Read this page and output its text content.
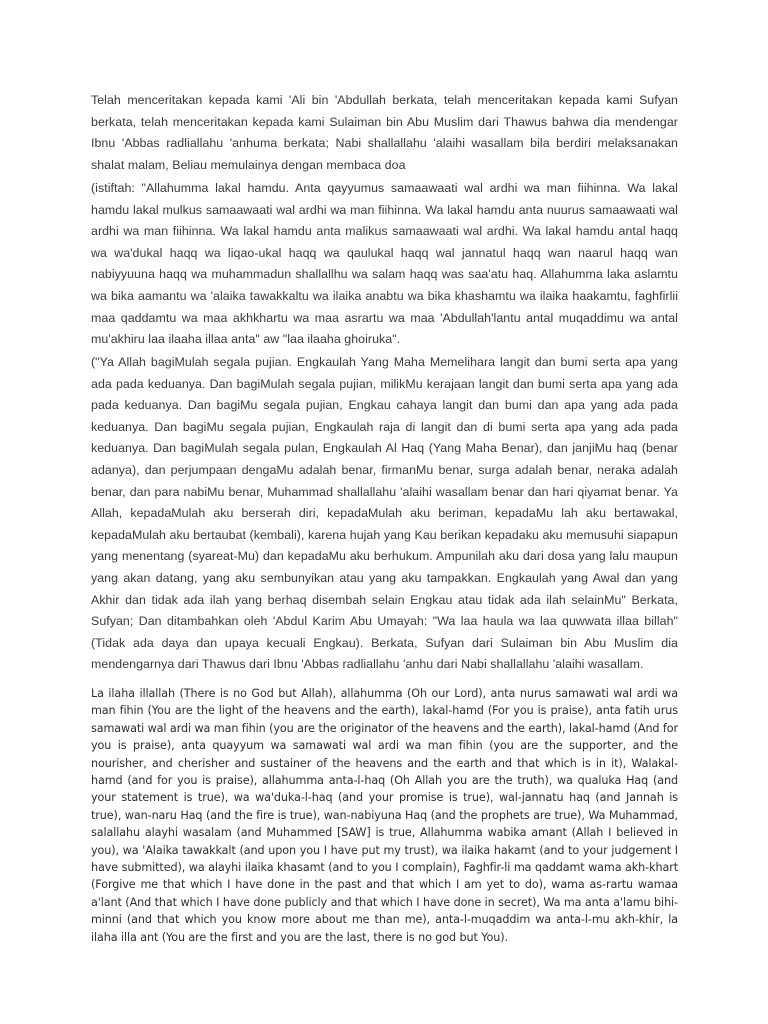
Telah menceritakan kepada kami 'Ali bin 'Abdullah berkata, telah menceritakan kepada kami Sufyan berkata, telah menceritakan kepada kami Sulaiman bin Abu Muslim dari Thawus bahwa dia mendengar Ibnu 'Abbas radliallahu 'anhuma berkata; Nabi shallallahu 'alaihi wasallam bila berdiri melaksanakan shalat malam, Beliau memulainya dengan membaca doa

(istiftah: "Allahumma lakal hamdu. Anta qayyumus samaawaati wal ardhi wa man fiihinna. Wa lakal hamdu lakal mulkus samaawaati wal ardhi wa man fiihinna. Wa lakal hamdu anta nuurus samaawaati wal ardhi wa man fiihinna. Wa lakal hamdu anta malikus samaawaati wal ardhi. Wa lakal hamdu antal haqq wa wa'dukal haqq wa liqao-ukal haqq wa qaulukal haqq wal jannatul haqq wan naarul haqq wan nabiyyuuna haqq wa muhammadun shallallhu wa salam haqq was saa'atu haq. Allahumma laka aslamtu wa bika aamantu wa 'alaika tawakkaltu wa ilaika anabtu wa bika khashamtu wa ilaika haakamtu, faghfirlii maa qaddamtu wa maa akhkhartu wa maa asrartu wa maa 'Abdullah'lantu antal muqaddimu wa antal mu'akhiru laa ilaaha illaa anta" aw "laa ilaaha ghoiruka".

("Ya Allah bagiMulah segala pujian. Engkaulah Yang Maha Memelihara langit dan bumi serta apa yang ada pada keduanya. Dan bagiMulah segala pujian, milikMu kerajaan langit dan bumi serta apa yang ada pada keduanya. Dan bagiMu segala pujian, Engkau cahaya langit dan bumi dan apa yang ada pada keduanya. Dan bagiMu segala pujian, Engkaulah raja di langit dan di bumi serta apa yang ada pada keduanya. Dan bagiMulah segala pulan, Engkaulah Al Haq (Yang Maha Benar), dan janjiMu haq (benar adanya), dan perjumpaan dengaMu adalah benar, firmanMu benar, surga adalah benar, neraka adalah benar, dan para nabiMu benar, Muhammad shallallahu 'alaihi wasallam benar dan hari qiyamat benar. Ya Allah, kepadaMulah aku berserah diri, kepadaMulah aku beriman, kepadaMu lah aku bertawakal, kepadaMulah aku bertaubat (kembali), karena hujah yang Kau berikan kepadaku aku memusuhi siapapun yang menentang (syareat-Mu) dan kepadaMu aku berhukum. Ampunilah aku dari dosa yang lalu maupun yang akan datang, yang aku sembunyikan atau yang aku tampakkan. Engkaulah yang Awal dan yang Akhir dan tidak ada ilah yang berhaq disembah selain Engkau atau tidak ada ilah selainMu" Berkata, Sufyan; Dan ditambahkan oleh 'Abdul Karim Abu Umayah: "Wa laa haula wa laa quwwata illaa billah" (Tidak ada daya dan upaya kecuali Engkau). Berkata, Sufyan dari Sulaiman bin Abu Muslim dia mendengarnya dari Thawus dari Ibnu 'Abbas radliallahu 'anhu dari Nabi shallallahu 'alaihi wasallam.

La ilaha illallah (There is no God but Allah), allahumma (Oh our Lord), anta nurus samawati wal ardi wa man fihin (You are the light of the heavens and the earth), lakal-hamd (For you is praise), anta fatih urus samawati wal ardi wa man fihin (you are the originator of the heavens and the earth), lakal-hamd (And for you is praise), anta quayyum wa samawati wal ardi wa man fihin (you are the supporter, and the nourisher, and cherisher and sustainer of the heavens and the earth and that which is in it), Walakal-hamd (and for you is praise), allahumma anta-l-haq (Oh Allah you are the truth), wa qualuka Haq (and your statement is true), wa wa'duka-l-haq (and your promise is true), wal-jannatu haq (and Jannah is true), wan-naru Haq (and the fire is true), wan-nabiyuna Haq (and the prophets are true), Wa Muhammad, salallahu alayhi wasalam (and Muhammed [SAW] is true, Allahumma wabika amant (Allah I believed in you), wa 'Alaika tawakkalt (and upon you I have put my trust), wa ilaika hakamt (and to your judgement I have submitted), wa alayhi ilaika khasamt (and to you I complain), Faghfir-li ma qaddamt wama akh-khart (Forgive me that which I have done in the past and that which I am yet to do), wama as-rartu wamaa a'lant (And that which I have done publicly and that which I have done in secret), Wa ma anta a'lamu bihi-minni (and that which you know more about me than me), anta-l-muqaddim wa anta-l-mu akh-khir, la ilaha illa ant (You are the first and you are the last, there is no god but You).
